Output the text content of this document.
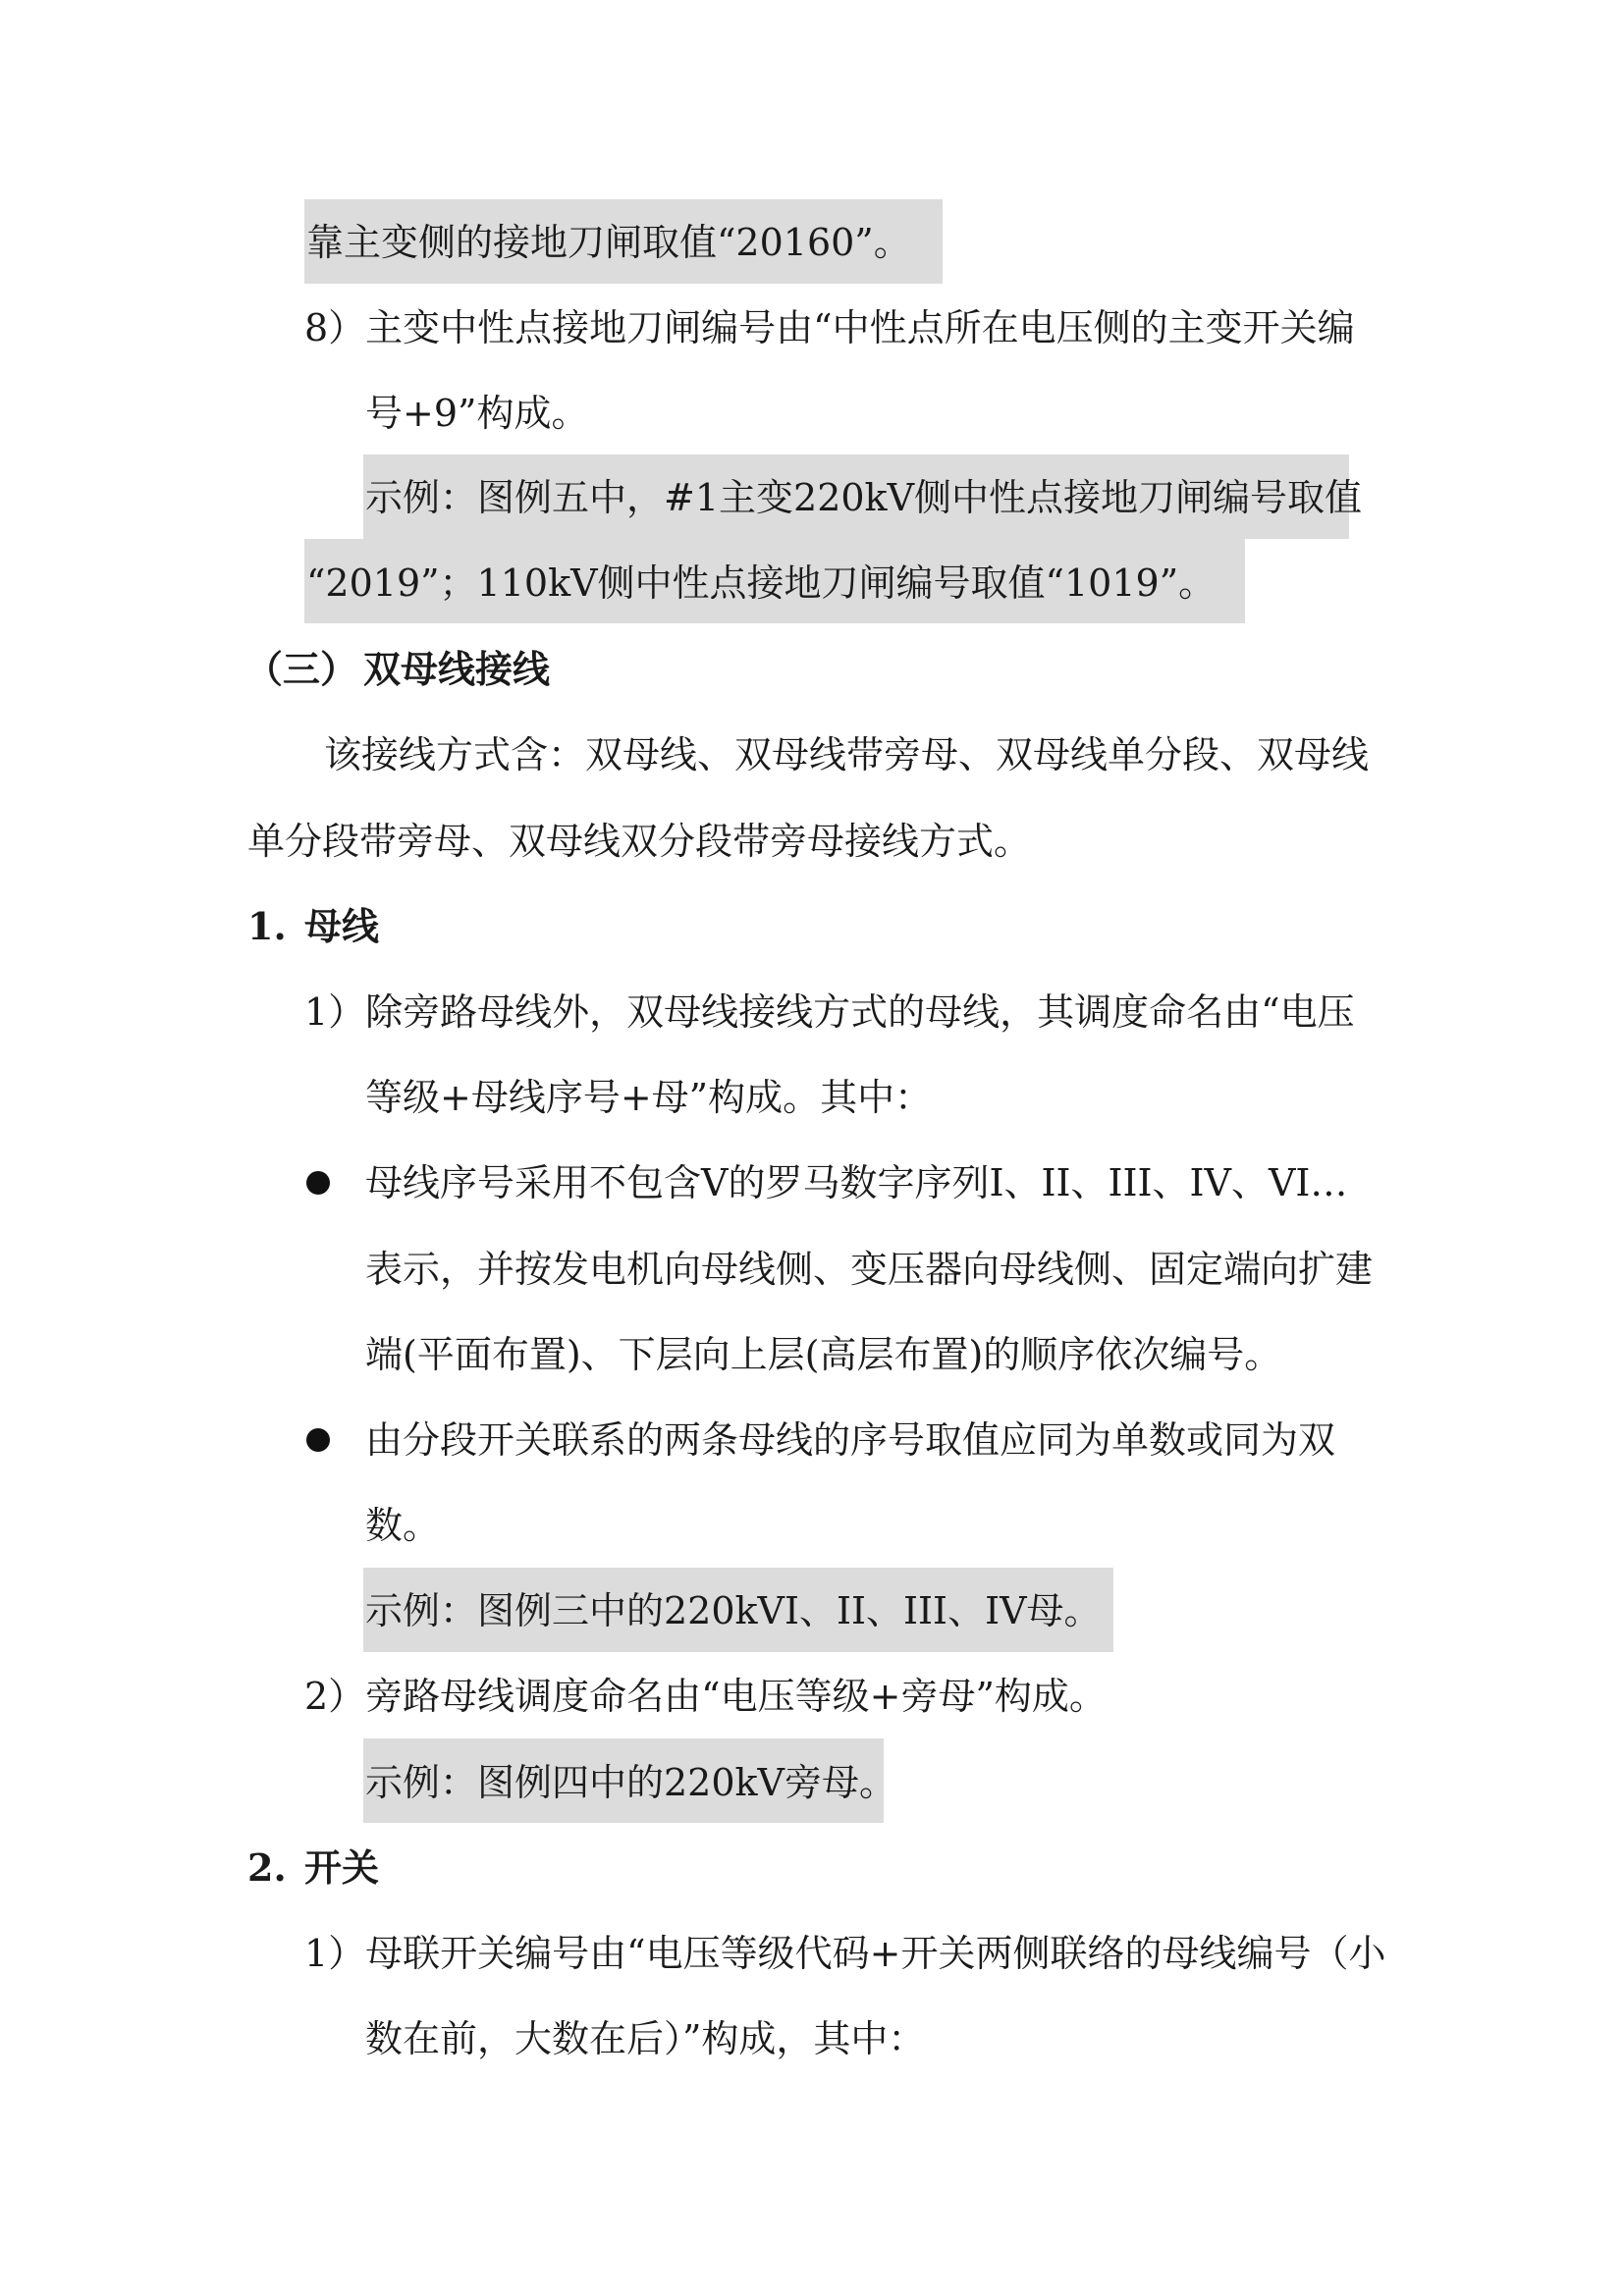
靠主变侧的接地刀闸取值“20160”。
8）主变中性点接地刀闸编号由“中性点所在电压侧的主变开关编
号+9”构成。
示例：图例五中，#1主变220kV侧中性点接地刀闸编号取值
“2019”；110kV侧中性点接地刀闸编号取值“1019”。
（三） 双母线接线
该接线方式含：双母线、双母线带旁母、双母线单分段、双母线
单分段带旁母、双母线双分段带旁母接线方式。
1. 母线
1）除旁路母线外，双母线接线方式的母线，其调度命名由“电压
等级+母线序号+母”构成。其中：
母线序号采用不包含V的罗马数字序列I、II、III、IV、VI…
表示，并按发电机向母线侧、变压器向母线侧、固定端向扩建
端(平面布置)、下层向上层(高层布置)的顺序依次编号。
由分段开关联系的两条母线的序号取值应同为单数或同为双
数。
示例：图例三中的220kVI、II、III、IV母。
2）旁路母线调度命名由“电压等级+旁母”构成。
示例：图例四中的220kV旁母。
2. 开关
1）母联开关编号由“电压等级代码+开关两侧联络的母线编号（小
数在前，大数在后）”构成，其中：
